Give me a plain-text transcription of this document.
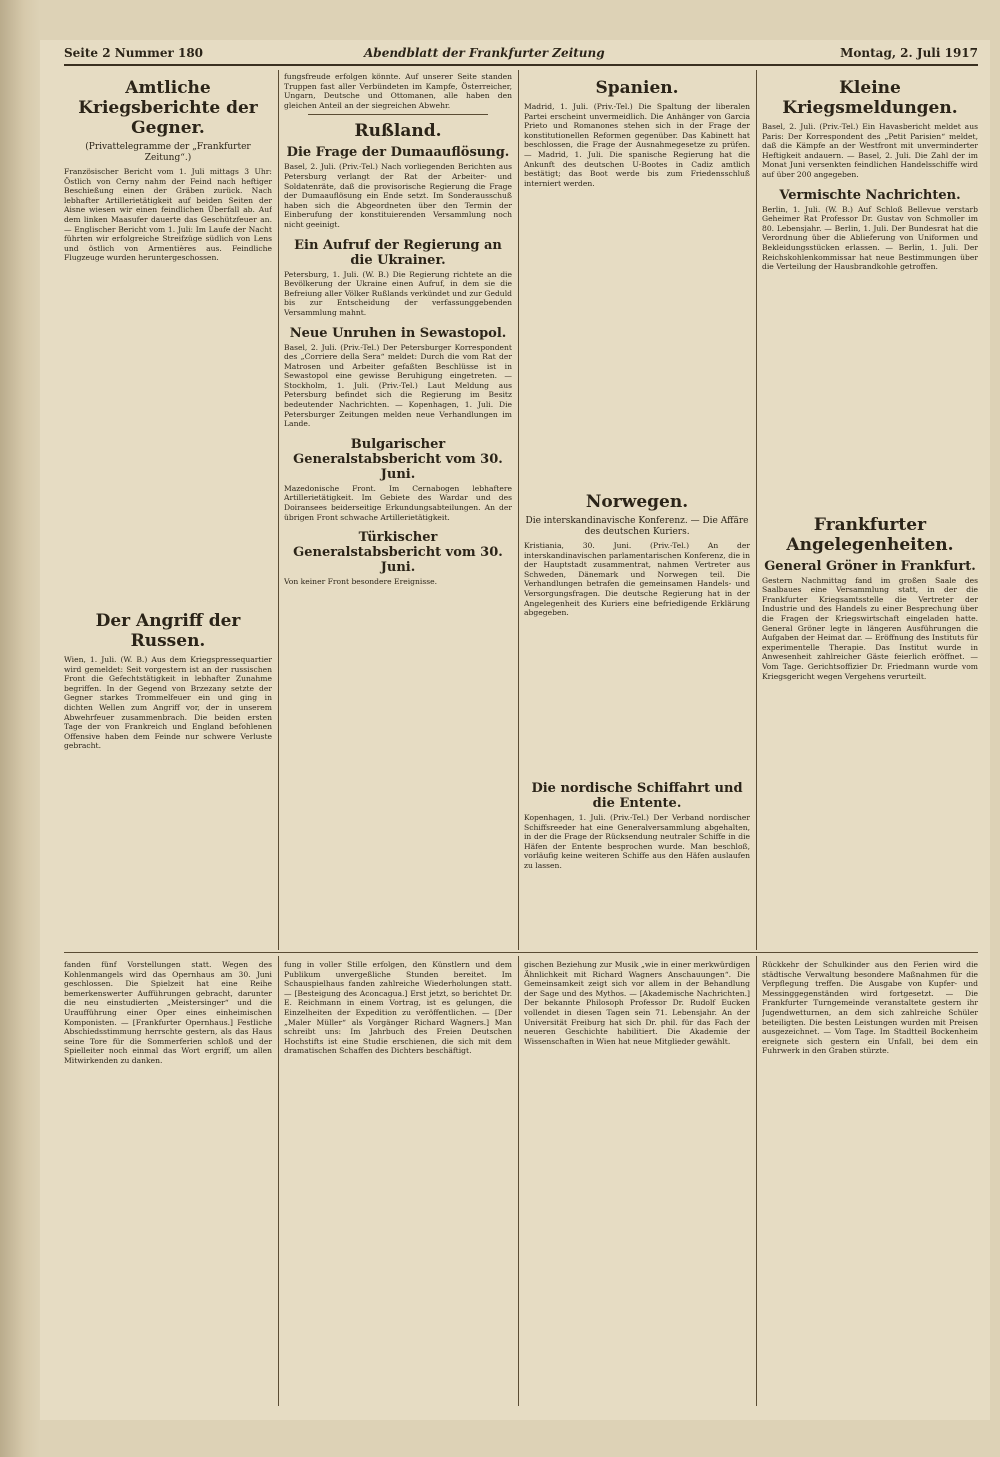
Seite 2 Nummer 180	Abendblatt der Frankfurter Zeitung	Montag, 2. Juli 1917
Amtliche Kriegsberichte der Gegner.
(Privattelegramme der „Frankfurter Zeitung“.)

Französischer Bericht vom 1. Juli mittags 3 Uhr: Östlich von Cerny nahm der Feind nach heftiger Beschießung einen der Gräben zurück. Nach lebhafter Artillerietätigkeit auf beiden Seiten der Aisne wiesen wir einen feindlichen Überfall ab. Auf dem linken Maasufer dauerte das Geschützfeuer an. — Englischer Bericht vom 1. Juli: Im Laufe der Nacht führten wir erfolgreiche Streifzüge südlich von Lens und östlich von Armentières aus. Feindliche Flugzeuge wurden heruntergeschossen.

Der Angriff der Russen.

Wien, 1. Juli. (W. B.) Aus dem Kriegspressequartier wird gemeldet: Seit vorgestern ist an der russischen Front die Gefechtstätigkeit in lebhafter Zunahme begriffen. In der Gegend von Brzezany setzte der Gegner starkes Trommelfeuer ein und ging in dichten Wellen zum Angriff vor, der in unserem Abwehrfeuer zusammenbrach. Die beiden ersten Tage der von Frankreich und England befohlenen Offensive haben dem Feinde nur schwere Verluste gebracht.

fungsfreude erfolgen könnte. Auf unserer Seite standen Truppen fast aller Verbündeten im Kampfe, Österreicher, Ungarn, Deutsche und Ottomanen, alle haben den gleichen Anteil an der siegreichen Abwehr.

Rußland.
Die Frage der Dumaauflösung.

Basel, 2. Juli. (Priv.-Tel.) Nach vorliegenden Berichten aus Petersburg verlangt der Rat der Arbeiter- und Soldatenräte, daß die provisorische Regierung die Frage der Dumaauflösung ein Ende setzt. Im Sonderausschuß haben sich die Abgeordneten über den Termin der Einberufung der konstituierenden Versammlung noch nicht geeinigt.

Ein Aufruf der Regierung an die Ukrainer.

Petersburg, 1. Juli. (W. B.) Die Regierung richtete an die Bevölkerung der Ukraine einen Aufruf, in dem sie die Befreiung aller Völker Rußlands verkündet und zur Geduld bis zur Entscheidung der verfassunggebenden Versammlung mahnt.

Neue Unruhen in Sewastopol.

Basel, 2. Juli. (Priv.-Tel.) Der Petersburger Korrespondent des „Corriere della Sera“ meldet: Durch die vom Rat der Matrosen und Arbeiter gefaßten Beschlüsse ist in Sewastopol eine gewisse Beruhigung eingetreten. — Stockholm, 1. Juli. (Priv.-Tel.) Laut Meldung aus Petersburg befindet sich die Regierung im Besitz bedeutender Nachrichten. — Kopenhagen, 1. Juli. Die Petersburger Zeitungen melden neue Verhandlungen im Lande.

Bulgarischer Generalstabsbericht vom 30. Juni.

Mazedonische Front. Im Cernabogen lebhaftere Artillerietätigkeit. Im Gebiete des Wardar und des Doiransees beiderseitige Erkundungsabteilungen. An der übrigen Front schwache Artillerietätigkeit.

Türkischer Generalstabsbericht vom 30. Juni.

Von keiner Front besondere Ereignisse.

Spanien.

Madrid, 1. Juli. (Priv.-Tel.) Die Spaltung der liberalen Partei erscheint unvermeidlich. Die Anhänger von Garcia Prieto und Romanones stehen sich in der Frage der konstitutionellen Reformen gegenüber. Das Kabinett hat beschlossen, die Frage der Ausnahmegesetze zu prüfen. — Madrid, 1. Juli. Die spanische Regierung hat die Ankunft des deutschen U-Bootes in Cadiz amtlich bestätigt; das Boot werde bis zum Friedensschluß interniert werden.

Norwegen.
Die interskandinavische Konferenz. — Die Affäre des deutschen Kuriers.

Kristiania, 30. Juni. (Priv.-Tel.) An der interskandinavischen parlamentarischen Konferenz, die in der Hauptstadt zusammentrat, nahmen Vertreter aus Schweden, Dänemark und Norwegen teil. Die Verhandlungen betrafen die gemeinsamen Handels- und Versorgungsfragen. Die deutsche Regierung hat in der Angelegenheit des Kuriers eine befriedigende Erklärung abgegeben.

Die nordische Schiffahrt und die Entente.

Kopenhagen, 1. Juli. (Priv.-Tel.) Der Verband nordischer Schiffsreeder hat eine Generalversammlung abgehalten, in der die Frage der Rücksendung neutraler Schiffe in die Häfen der Entente besprochen wurde. Man beschloß, vorläufig keine weiteren Schiffe aus den Häfen auslaufen zu lassen.

Kleine Kriegsmeldungen.

Basel, 2. Juli. (Priv.-Tel.) Ein Havasbericht meldet aus Paris: Der Korrespondent des „Petit Parisien“ meldet, daß die Kämpfe an der Westfront mit unverminderter Heftigkeit andauern. — Basel, 2. Juli. Die Zahl der im Monat Juni versenkten feindlichen Handelsschiffe wird auf über 200 angegeben.

Vermischte Nachrichten.

Berlin, 1. Juli. (W. B.) Auf Schloß Bellevue verstarb Geheimer Rat Professor Dr. Gustav von Schmoller im 80. Lebensjahr. — Berlin, 1. Juli. Der Bundesrat hat die Verordnung über die Ablieferung von Uniformen und Bekleidungsstücken erlassen. — Berlin, 1. Juli. Der Reichskohlenkommissar hat neue Bestimmungen über die Verteilung der Hausbrandkohle getroffen.

Frankfurter Angelegenheiten.
General Gröner in Frankfurt.

Gestern Nachmittag fand im großen Saale des Saalbaues eine Versammlung statt, in der die Frankfurter Kriegsamtsstelle die Vertreter der Industrie und des Handels zu einer Besprechung über die Fragen der Kriegswirtschaft eingeladen hatte. General Gröner legte in längeren Ausführungen die Aufgaben der Heimat dar. — Eröffnung des Instituts für experimentelle Therapie. Das Institut wurde in Anwesenheit zahlreicher Gäste feierlich eröffnet. — Vom Tage. Gerichtsoffizier Dr. Friedmann wurde vom Kriegsgericht wegen Vergehens verurteilt.

fanden fünf Vorstellungen statt. Wegen des Kohlenmangels wird das Opernhaus am 30. Juni geschlossen. Die Spielzeit hat eine Reihe bemerkenswerter Aufführungen gebracht, darunter die neu einstudierten „Meistersinger“ und die Uraufführung einer Oper eines einheimischen Komponisten. — [Frankfurter Opernhaus.] Festliche Abschiedsstimmung herrschte gestern, als das Haus seine Tore für die Sommerferien schloß und der Spielleiter noch einmal das Wort ergriff, um allen Mitwirkenden zu danken.

fung in voller Stille erfolgen, den Künstlern und dem Publikum unvergeßliche Stunden bereitet. Im Schauspielhaus fanden zahlreiche Wiederholungen statt. — [Besteigung des Aconcagua.] Erst jetzt, so berichtet Dr. E. Reichmann in einem Vortrag, ist es gelungen, die Einzelheiten der Expedition zu veröffentlichen. — [Der „Maler Müller“ als Vorgänger Richard Wagners.] Man schreibt uns: Im Jahrbuch des Freien Deutschen Hochstifts ist eine Studie erschienen, die sich mit dem dramatischen Schaffen des Dichters beschäftigt.

gischen Beziehung zur Musik „wie in einer merkwürdigen Ähnlichkeit mit Richard Wagners Anschauungen“. Die Gemeinsamkeit zeigt sich vor allem in der Behandlung der Sage und des Mythos. — [Akademische Nachrichten.] Der bekannte Philosoph Professor Dr. Rudolf Eucken vollendet in diesen Tagen sein 71. Lebensjahr. An der Universität Freiburg hat sich Dr. phil. für das Fach der neueren Geschichte habilitiert. Die Akademie der Wissenschaften in Wien hat neue Mitglieder gewählt.

Rückkehr der Schulkinder aus den Ferien wird die städtische Verwaltung besondere Maßnahmen für die Verpflegung treffen. Die Ausgabe von Kupfer- und Messinggegenständen wird fortgesetzt. — Die Frankfurter Turngemeinde veranstaltete gestern ihr Jugendwetturnen, an dem sich zahlreiche Schüler beteiligten. Die besten Leistungen wurden mit Preisen ausgezeichnet. — Vom Tage. Im Stadtteil Bockenheim ereignete sich gestern ein Unfall, bei dem ein Fuhrwerk in den Graben stürzte.
